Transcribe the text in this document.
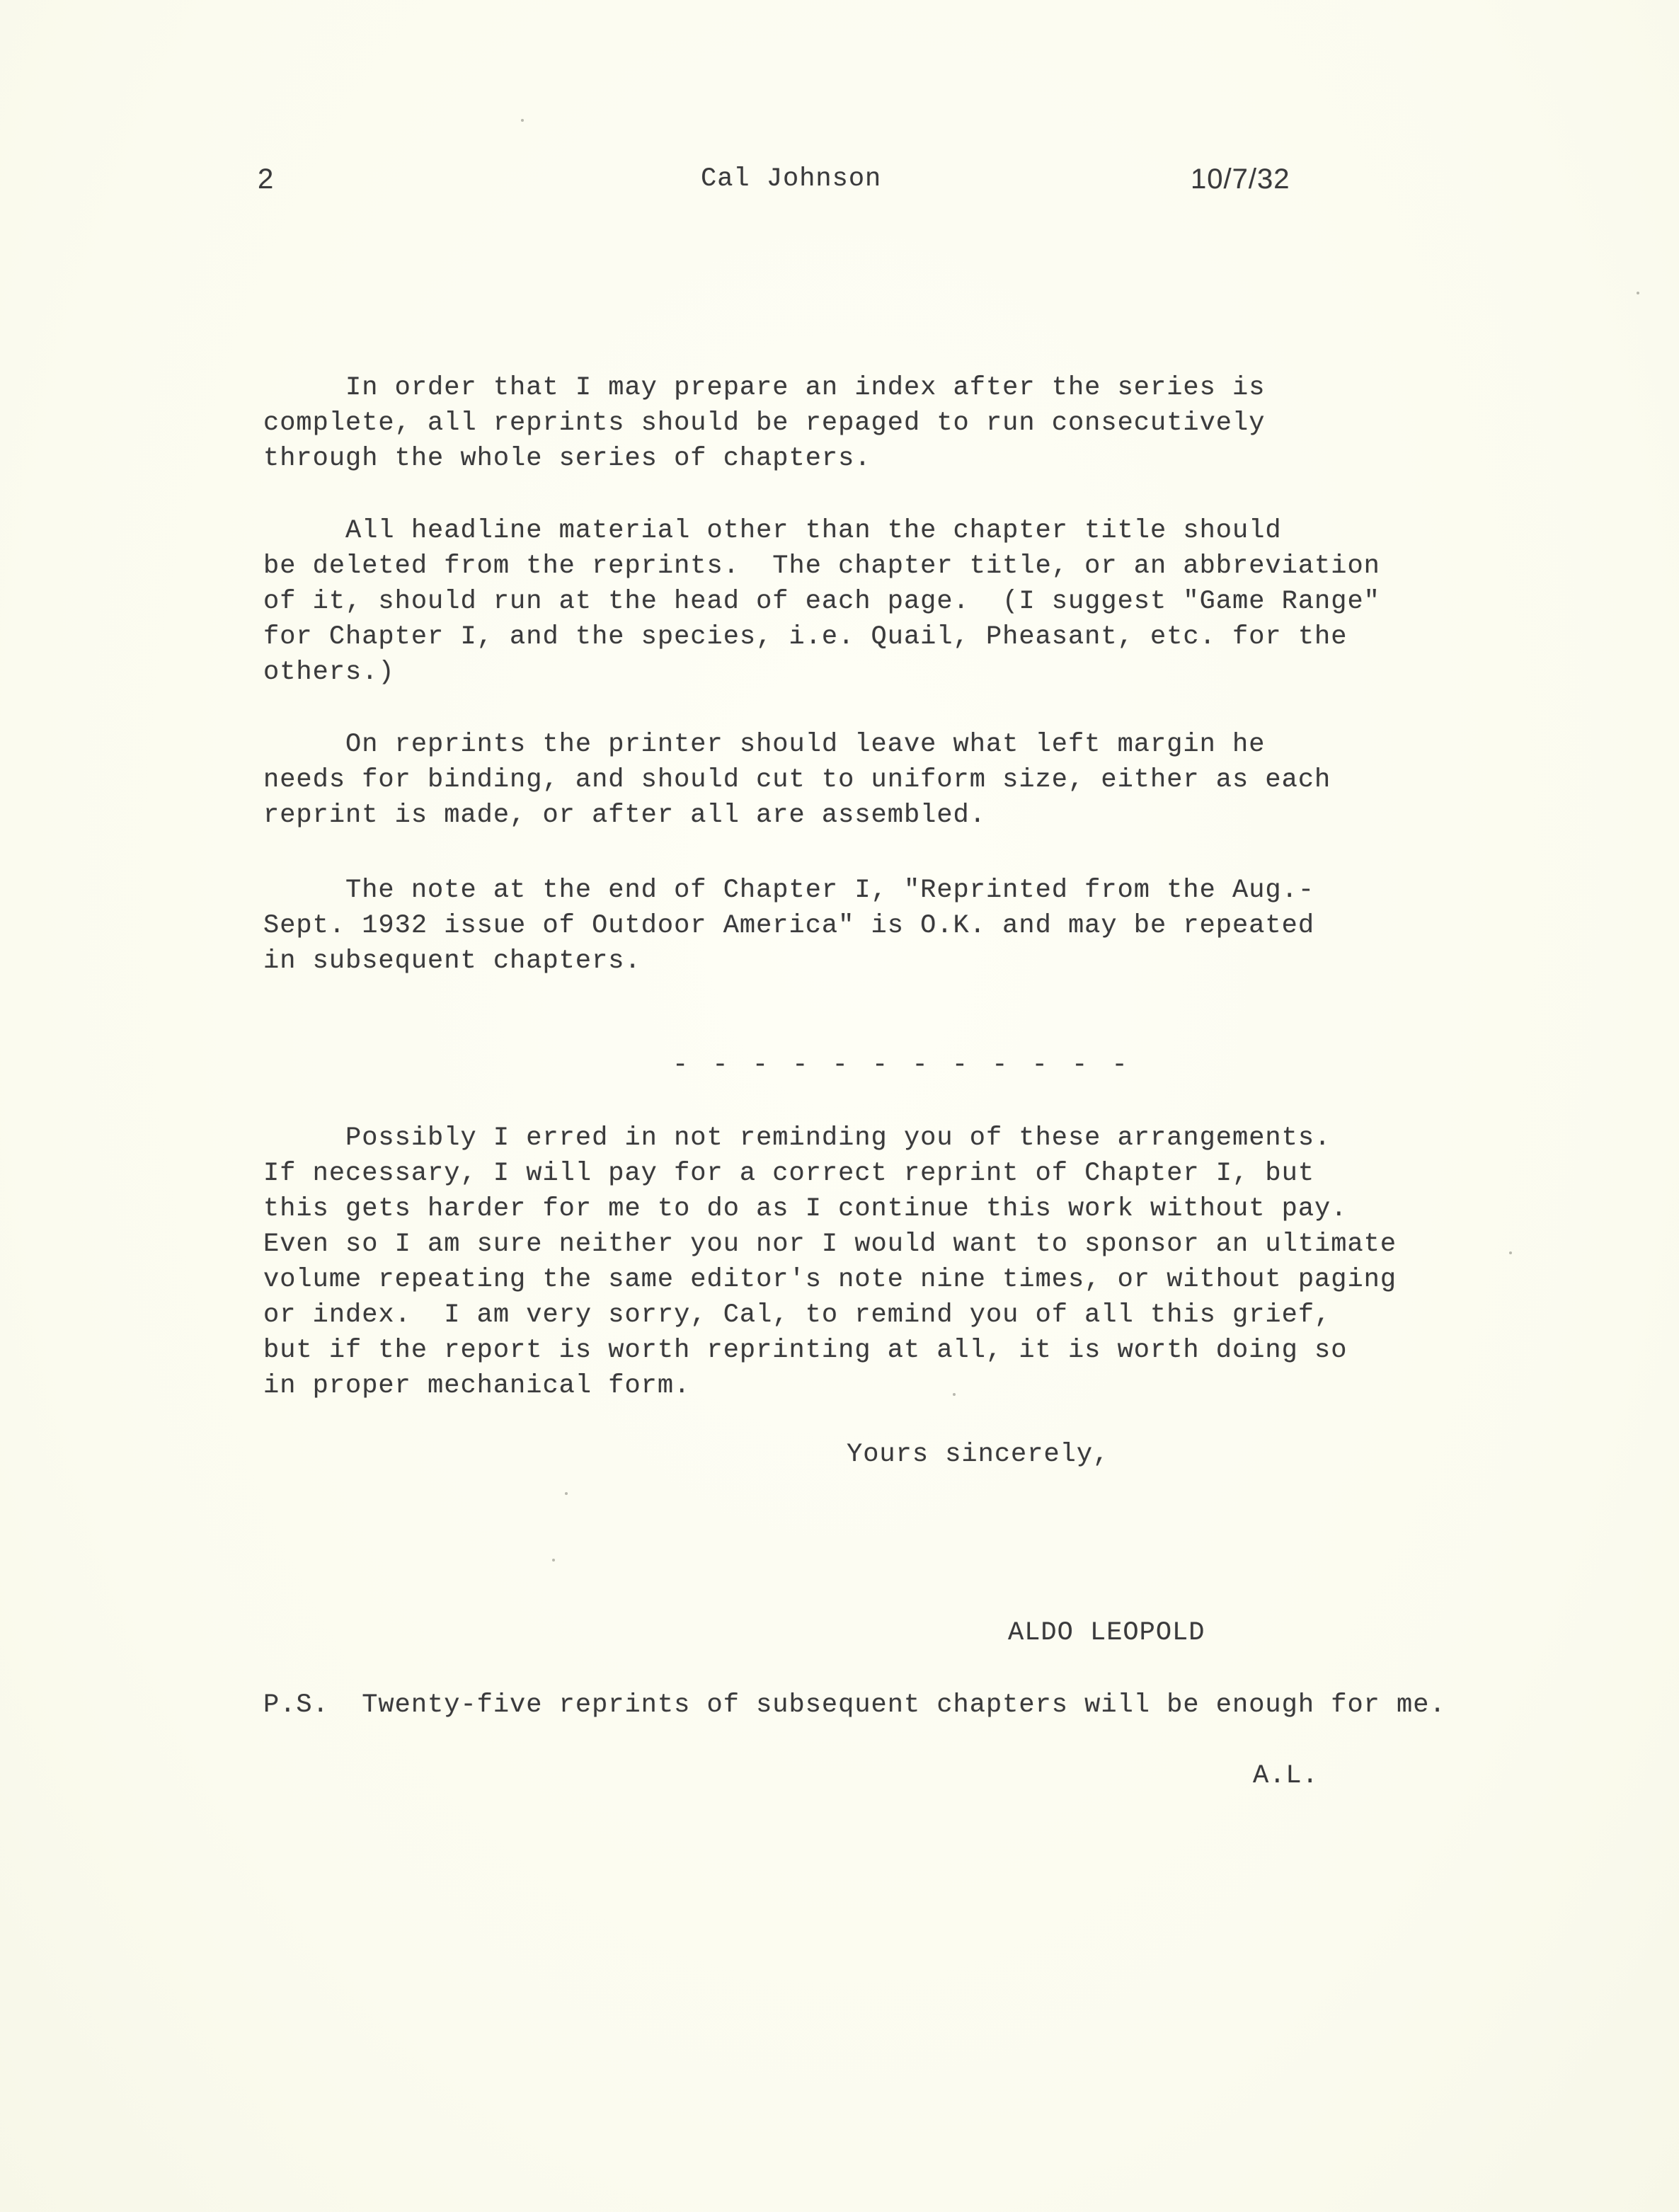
2	Cal Johnson	10/7/32
In order that I may prepare an index after the series is
complete, all reprints should be repaged to run consecutively
through the whole series of chapters.
All headline material other than the chapter title should
be deleted from the reprints.  The chapter title, or an abbreviation
of it, should run at the head of each page.  (I suggest "Game Range"
for Chapter I, and the species, i.e. Quail, Pheasant, etc. for the
others.)
On reprints the printer should leave what left margin he
needs for binding, and should cut to uniform size, either as each
reprint is made, or after all are assembled.
The note at the end of Chapter I, "Reprinted from the Aug.-
Sept. 1932 issue of Outdoor America" is O.K. and may be repeated
in subsequent chapters.
- - - - - - - - - - - -
Possibly I erred in not reminding you of these arrangements.
If necessary, I will pay for a correct reprint of Chapter I, but
this gets harder for me to do as I continue this work without pay.
Even so I am sure neither you nor I would want to sponsor an ultimate
volume repeating the same editor's note nine times, or without paging
or index.  I am very sorry, Cal, to remind you of all this grief,
but if the report is worth reprinting at all, it is worth doing so
in proper mechanical form.
Yours sincerely,
ALDO LEOPOLD
P.S.  Twenty-five reprints of subsequent chapters will be enough for me.
A.L.
